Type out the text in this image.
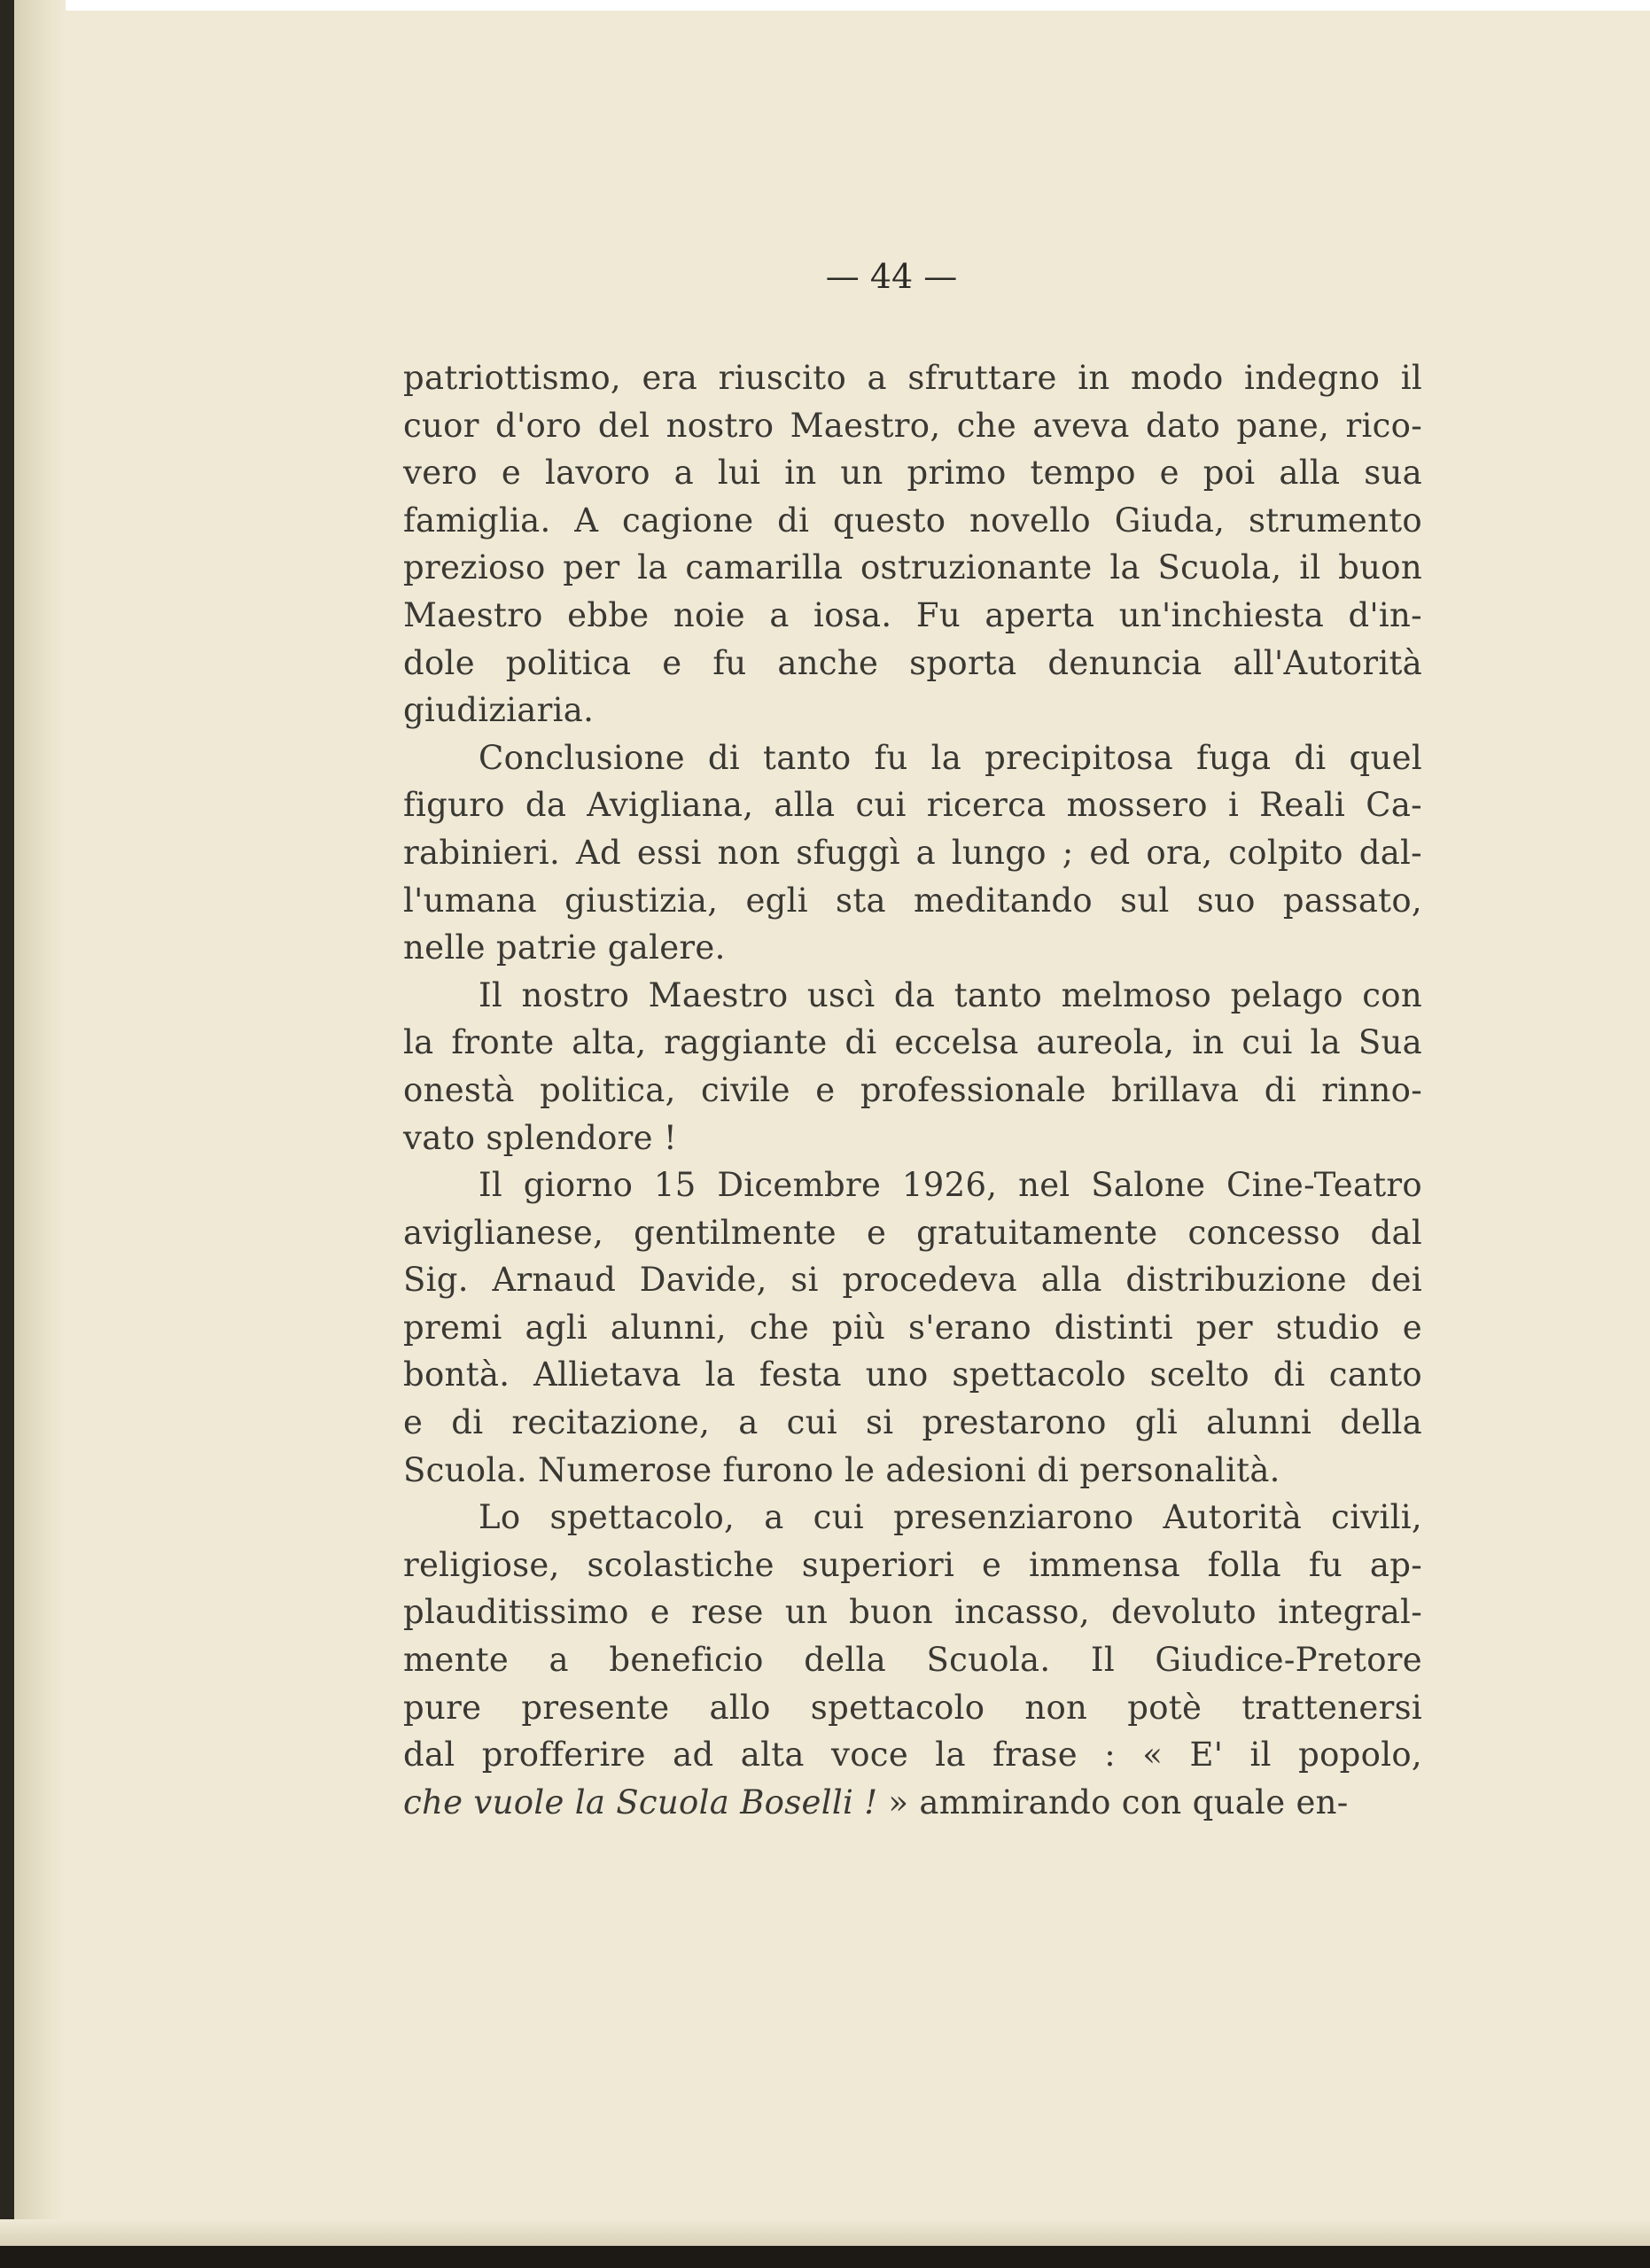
— 44 —
patriottismo, era riuscito a sfruttare in modo indegno il
cuor d'oro del nostro Maestro, che aveva dato pane, rico-
vero e lavoro a lui in un primo tempo e poi alla sua
famiglia. A cagione di questo novello Giuda, strumento
prezioso per la camarilla ostruzionante la Scuola, il buon
Maestro ebbe noie a iosa. Fu aperta un'inchiesta d'in-
dole politica e fu anche sporta denuncia all'Autorità
giudiziaria.
Conclusione di tanto fu la precipitosa fuga di quel
figuro da Avigliana, alla cui ricerca mossero i Reali Ca-
rabinieri. Ad essi non sfuggì a lungo ; ed ora, colpito dal-
l'umana giustizia, egli sta meditando sul suo passato,
nelle patrie galere.
Il nostro Maestro uscì da tanto melmoso pelago con
la fronte alta, raggiante di eccelsa aureola, in cui la Sua
onestà politica, civile e professionale brillava di rinno-
vato splendore !
Il giorno 15 Dicembre 1926, nel Salone Cine-Teatro
aviglianese, gentilmente e gratuitamente concesso dal
Sig. Arnaud Davide, si procedeva alla distribuzione dei
premi agli alunni, che più s'erano distinti per studio e
bontà. Allietava la festa uno spettacolo scelto di canto
e di recitazione, a cui si prestarono gli alunni della
Scuola. Numerose furono le adesioni di personalità.
Lo spettacolo, a cui presenziarono Autorità civili,
religiose, scolastiche superiori e immensa folla fu ap-
plauditissimo e rese un buon incasso, devoluto integral-
mente a beneficio della Scuola. Il Giudice-Pretore
pure presente allo spettacolo non potè trattenersi
dal profferire ad alta voce la frase : « E' il popolo,
che vuole la Scuola Boselli ! » ammirando con quale en-
